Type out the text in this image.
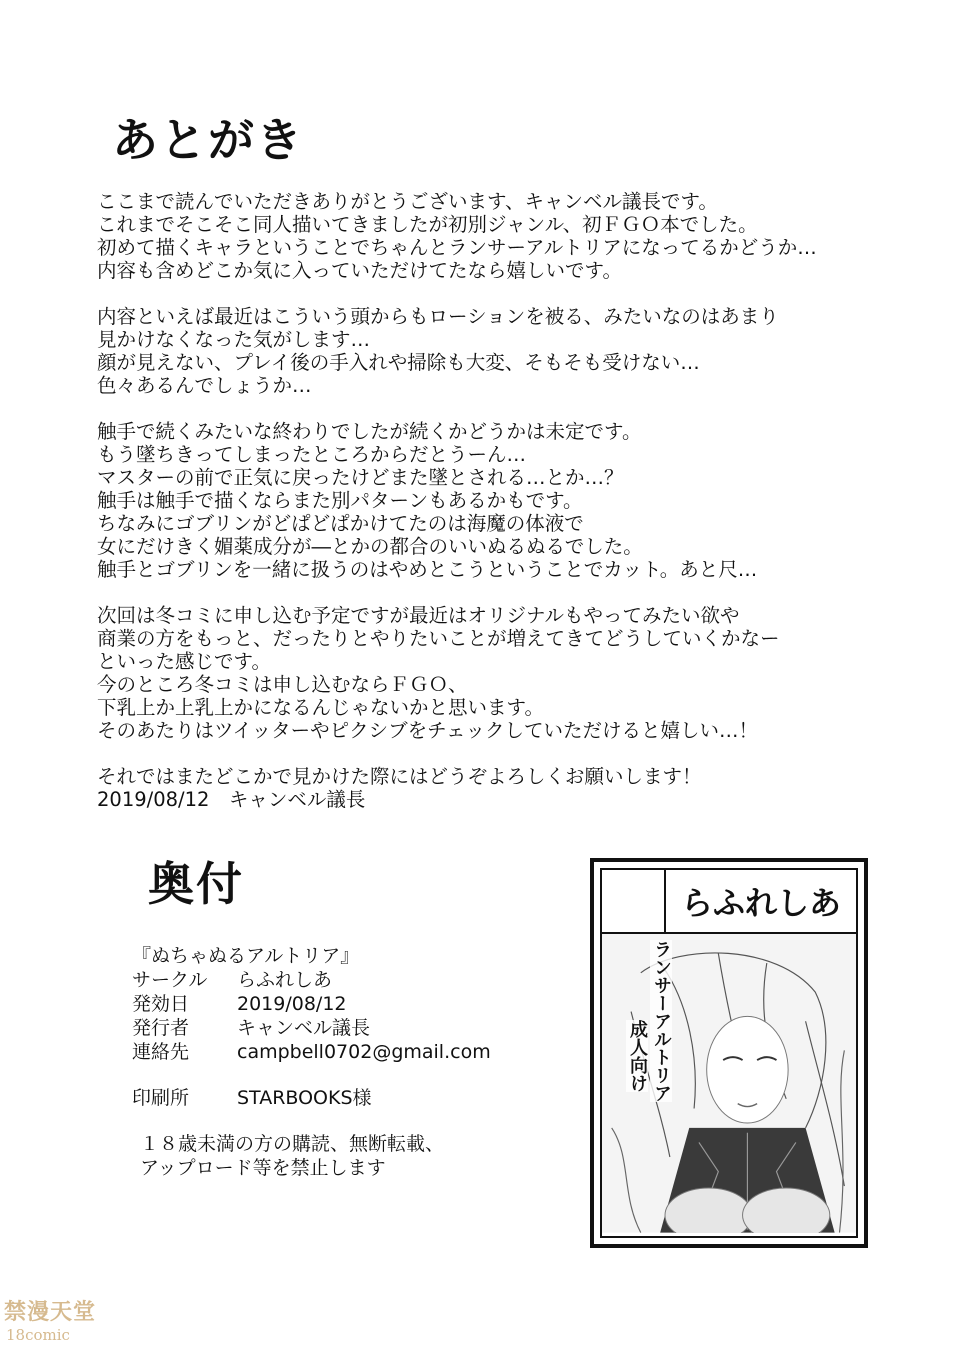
あとがき
ここまで読んでいただきありがとうございます、キャンベル議長です。
これまでそこそこ同人描いてきましたが初別ジャンル、初ＦＧＯ本でした。
初めて描くキャラということでちゃんとランサーアルトリアになってるかどうか…
内容も含めどこか気に入っていただけてたなら嬉しいです。
内容といえば最近はこういう頭からもローションを被る、みたいなのはあまり
見かけなくなった気がします…
顔が見えない、プレイ後の手入れや掃除も大変、そもそも受けない…
色々あるんでしょうか…
触手で続くみたいな終わりでしたが続くかどうかは未定です。
もう墜ちきってしまったところからだとうーん…
マスターの前で正気に戻ったけどまた墜とされる…とか…？
触手は触手で描くならまた別パターンもあるかもです。
ちなみにゴブリンがどぱどぱかけてたのは海魔の体液で
女にだけきく媚薬成分が―とかの都合のいいぬるぬるでした。
触手とゴブリンを一緒に扱うのはやめとこうということでカット。あと尺…
次回は冬コミに申し込む予定ですが最近はオリジナルもやってみたい欲や
商業の方をもっと、だったりとやりたいことが増えてきてどうしていくかなー
といった感じです。
今のところ冬コミは申し込むならＦＧＯ、
下乳上か上乳上かになるんじゃないかと思います。
そのあたりはツイッターやピクシブをチェックしていただけると嬉しい…！
それではまたどこかで見かけた際にはどうぞよろしくお願いします！
2019/08/12　キャンベル議長
奥付
『ぬちゃぬるアルトリア』
サークル	らふれしあ
発効日	2019/08/12
発行者	キャンベル議長
連絡先	campbell0702@gmail.com
印刷所	STARBOOKS様
１８歳未満の方の購読、無断転載、
アップロード等を禁止します
らふれしあ
ランサーアルトリア
成人向け
禁漫天堂
18comic
